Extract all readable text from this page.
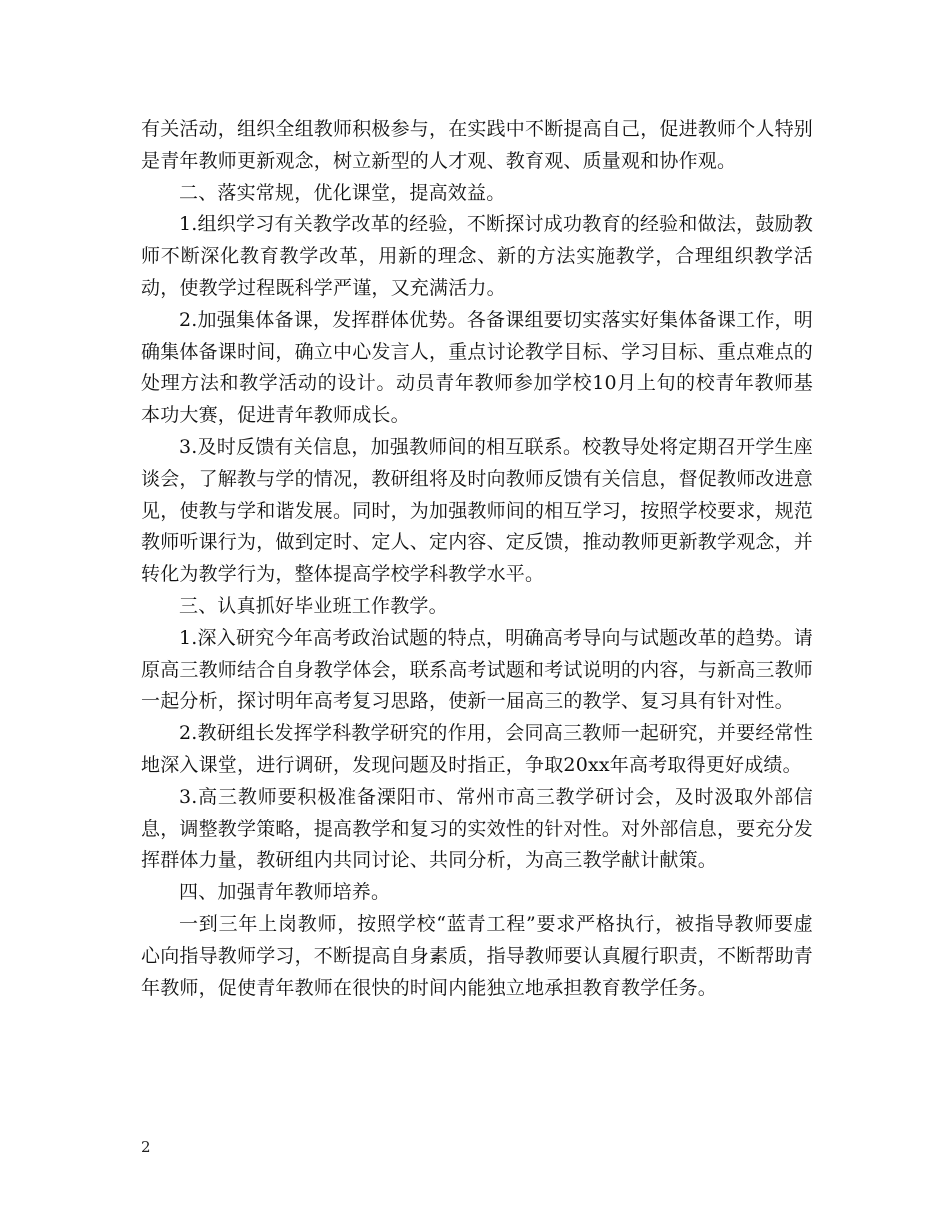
有关活动，组织全组教师积极参与，在实践中不断提高自己，促进教师个人特别是青年教师更新观念，树立新型的人才观、教育观、质量观和协作观。

二、落实常规，优化课堂，提高效益。

1.组织学习有关教学改革的经验，不断探讨成功教育的经验和做法，鼓励教师不断深化教育教学改革，用新的理念、新的方法实施教学，合理组织教学活动，使教学过程既科学严谨，又充满活力。

2.加强集体备课，发挥群体优势。各备课组要切实落实好集体备课工作，明确集体备课时间，确立中心发言人，重点讨论教学目标、学习目标、重点难点的处理方法和教学活动的设计。动员青年教师参加学校10月上旬的校青年教师基本功大赛，促进青年教师成长。

3.及时反馈有关信息，加强教师间的相互联系。校教导处将定期召开学生座谈会，了解教与学的情况，教研组将及时向教师反馈有关信息，督促教师改进意见，使教与学和谐发展。同时，为加强教师间的相互学习，按照学校要求，规范教师听课行为，做到定时、定人、定内容、定反馈，推动教师更新教学观念，并转化为教学行为，整体提高学校学科教学水平。

三、认真抓好毕业班工作教学。

1.深入研究今年高考政治试题的特点，明确高考导向与试题改革的趋势。请原高三教师结合自身教学体会，联系高考试题和考试说明的内容，与新高三教师一起分析，探讨明年高考复习思路，使新一届高三的教学、复习具有针对性。

2.教研组长发挥学科教学研究的作用，会同高三教师一起研究，并要经常性地深入课堂，进行调研，发现问题及时指正，争取20xx年高考取得更好成绩。

3.高三教师要积极准备溧阳市、常州市高三教学研讨会，及时汲取外部信息，调整教学策略，提高教学和复习的实效性的针对性。对外部信息，要充分发挥群体力量，教研组内共同讨论、共同分析，为高三教学献计献策。

四、加强青年教师培养。

一到三年上岗教师，按照学校“蓝青工程”要求严格执行，被指导教师要虚心向指导教师学习，不断提高自身素质，指导教师要认真履行职责，不断帮助青年教师，促使青年教师在很快的时间内能独立地承担教育教学任务。

2
